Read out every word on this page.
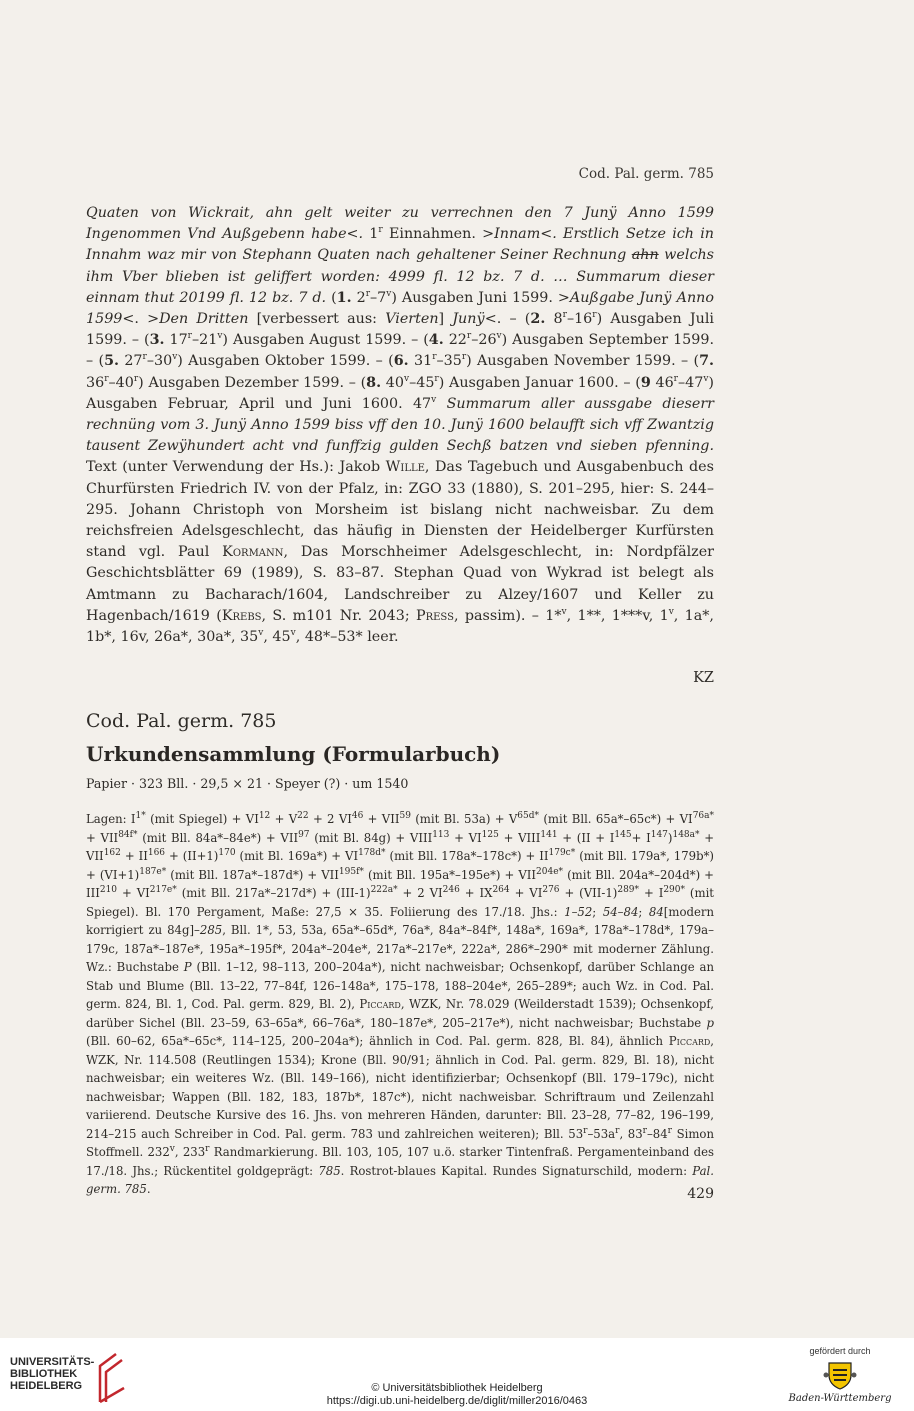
Cod. Pal. germ. 785

Quaten von Wickrait, ahn gelt weiter zu verrechnen den 7 Junӱ Anno 1599 Ingenommen Vnd Außgebenn habe<. 1$^r$ Einnahmen. >Innam<. Erstlich Setze ich in Innahm waz mir von Stephann Quaten nach gehaltener Seiner Rechnung ahn welchs ihm Vber blieben ist geliffert worden: 4999 fl. 12 bz. 7 d. … Summarum dieser einnam thut 20199 fl. 12 bz. 7 d. (1. 2$^r$–7$^v$) Ausgaben Juni 1599. >Außgabe Junӱ Anno 1599<. >Den Dritten [verbessert aus: Vierten] Junӱ<. – (2. 8$^r$–16$^r$) Ausgaben Juli 1599. – (3. 17$^r$–21$^v$) Ausgaben August 1599. – (4. 22$^r$–26$^v$) Ausgaben September 1599. – (5. 27$^r$–30$^v$) Ausgaben Oktober 1599. – (6. 31$^r$–35$^r$) Ausgaben November 1599. – (7. 36$^r$–40$^r$) Ausgaben Dezember 1599. – (8. 40$^v$–45$^r$) Ausgaben Januar 1600. – (9 46$^r$–47$^v$) Ausgaben Februar, April und Juni 1600. 47$^v$ Summarum aller aussgabe dieserr rechnüng vom 3. Junӱ Anno 1599 biss vff den 10. Junӱ 1600 belaufft sich vff Zwantzig tausent Zewӱhundert acht vnd funffzig gulden Sechß batzen vnd sieben pfenning. Text (unter Verwendung der Hs.): Jakob Wille, Das Tagebuch und Ausgabenbuch des Churfürsten Friedrich IV. von der Pfalz, in: ZGO 33 (1880), S. 201–295, hier: S. 244–295. Johann Christoph von Morsheim ist bislang nicht nachweisbar. Zu dem reichsfreien Adelsgeschlecht, das häufig in Diensten der Heidelberger Kurfürsten stand vgl. Paul Kormann, Das Morschheimer Adelsgeschlecht, in: Nordpfälzer Geschichtsblätter 69 (1989), S. 83–87. Stephan Quad von Wykrad ist belegt als Amtmann zu Bacharach/1604, Landschreiber zu Alzey/1607 und Keller zu Hagenbach/1619 (Krebs, S. m101 Nr. 2043; Press, passim). – 1*$^v$, 1**, 1***v, 1$^v$, 1a*, 1b*, 16v, 26a*, 30a*, 35$^v$, 45$^v$, 48*–53* leer.

KZ
Cod. Pal. germ. 785
Urkundensammlung (Formularbuch)
Papier · 323 Bll. · 29,5 × 21 · Speyer (?) · um 1540

Lagen: $I^{1*}$ (mit Spiegel) + $VI^{12} + V^{22} + 2$ $VI^{46} + VII^{59}$ (mit Bl. $53a) + V^{65d*}$ (mit Bll. $65a*-65c*) + VI^{76a*} + VII^{84f*}$ (mit Bll. $84a*-84e*) + VII^{97}$ (mit Bl. $84g) + VIII^{113} + VI^{125}$ + $VIII^{141} + (II + I^{145}+ I^{147})^{148a*} + VII^{162} + II^{166} + (II+1)^{170}$ (mit Bl. $169a*) + VI^{178d*}$ (mit Bll. $178a*-178c*) + II^{179c*}$ (mit Bll. 179a*, $179b*) + (VI+1)^{187e*}$ (mit Bll. $187a*-187d*) + VII^{195f*}$ (mit Bll. $195a*-195e*) + VII^{204e*}$ (mit Bll. $204a*-204d*) + III^{210} + VI^{217e*}$ (mit Bll. $217a*-217d*) + (III-1)^{222a*} + 2$ $VI^{246} + IX^{264} + VI^{276} + (VII-1)^{289*} + I^{290*}$ (mit Spiegel). Bl. 170 Pergament, Maße: 27,5 × 35. Foliierung des 17./18. Jhs.: 1–52; 54–84; 84[modern korrigiert zu 84g]–285, Bll. 1*, 53, 53a, 65a*–65d*, 76a*, 84a*–84f*, 148a*, 169a*, 178a*–178d*, 179a–179c, 187a*–187e*, 195a*–195f*, 204a*–204e*, 217a*–217e*, 222a*, 286*–290* mit moderner Zählung. Wz.: Buchstabe P (Bll. 1–12, 98–113, 200–204a*), nicht nachweisbar; Ochsenkopf, darüber Schlange an Stab und Blume (Bll. 13–22, 77–84f, 126–148a*, 175–178, 188–204e*, 265–289*; auch Wz. in Cod. Pal. germ. 824, Bl. 1, Cod. Pal. germ. 829, Bl. 2), Piccard, WZK, Nr. 78.029 (Weilderstadt 1539); Ochsenkopf, darüber Sichel (Bll. 23–59, 63–65a*, 66–76a*, 180–187e*, 205–217e*), nicht nachweisbar; Buchstabe p (Bll. 60–62, 65a*–65c*, 114–125, 200–204a*); ähnlich in Cod. Pal. germ. 828, Bl. 84), ähnlich Piccard, WZK, Nr. 114.508 (Reutlingen 1534); Krone (Bll. 90/91; ähnlich in Cod. Pal. germ. 829, Bl. 18), nicht nachweisbar; ein weiteres Wz. (Bll. 149–166), nicht identifizierbar; Ochsenkopf (Bll. 179–179c), nicht nachweisbar; Wappen (Bll. 182, 183, 187b*, 187c*), nicht nachweisbar. Schriftraum und Zeilenzahl variierend. Deutsche Kursive des 16. Jhs. von mehreren Händen, darunter: Bll. 23–28, 77–82, 196–199, 214–215 auch Schreiber in Cod. Pal. germ. 783 und zahlreichen weiteren); Bll. $53^r-53a^r$, 83$^r$–84$^r$ Simon Stoffmell. 232$^v$, 233$^r$ Randmarkierung. Bll. 103, 105, 107 u.ö. starker Tintenfraß. Pergamenteinband des 17./18. Jhs.; Rückentitel goldgeprägt: 785. Rostrot-blaues Kapital. Rundes Signaturschild, modern: Pal. germ. 785.	429
UNIVERSITÄTS-
BIBLIOTHEK
HEIDELBERG	© Universitätsbibliothek Heidelberg
https://digi.ub.uni-heidelberg.de/diglit/miller2016/0463
gefördert durch
Baden-Württemberg
